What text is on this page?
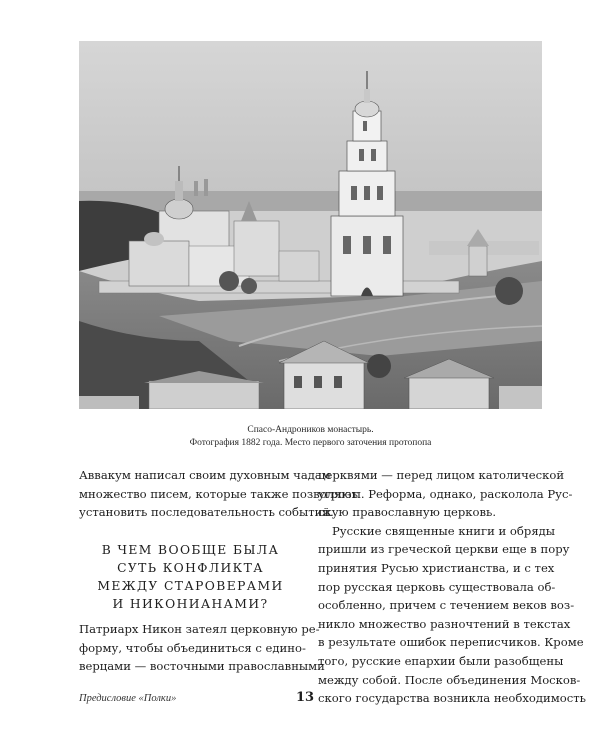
Спасо-Андроников монастырь.
Фотография 1882 года. Место первого заточения протопопа
Аввакум написал своим духовным чадам
множество писем, которые также позволяют
установить последовательность событий.
В ЧЕМ ВООБЩЕ БЫЛА
СУТЬ КОНФЛИКТА
МЕЖДУ СТАРОВЕРАМИ
И НИКОНИАНАМИ?
Патриарх Никон затеял церковную ре-
форму, чтобы объединиться с едино-
верцами — восточными православными
церквями — перед лицом католической
угрозы. Реформа, однако, расколола Рус-
скую православную церковь.
Русские священные книги и обряды
пришли из греческой церкви еще в пору
принятия Русью христианства, и с тех
пор русская церковь существовала об-
особленно, причем с течением веков воз-
никло множество разночтений в текстах
в результате ошибок переписчиков. Кроме
того, русские епархии были разобщены
между собой. После объединения Москов-
ского государства возникла необходимость
Предисловие «Полки»	13
